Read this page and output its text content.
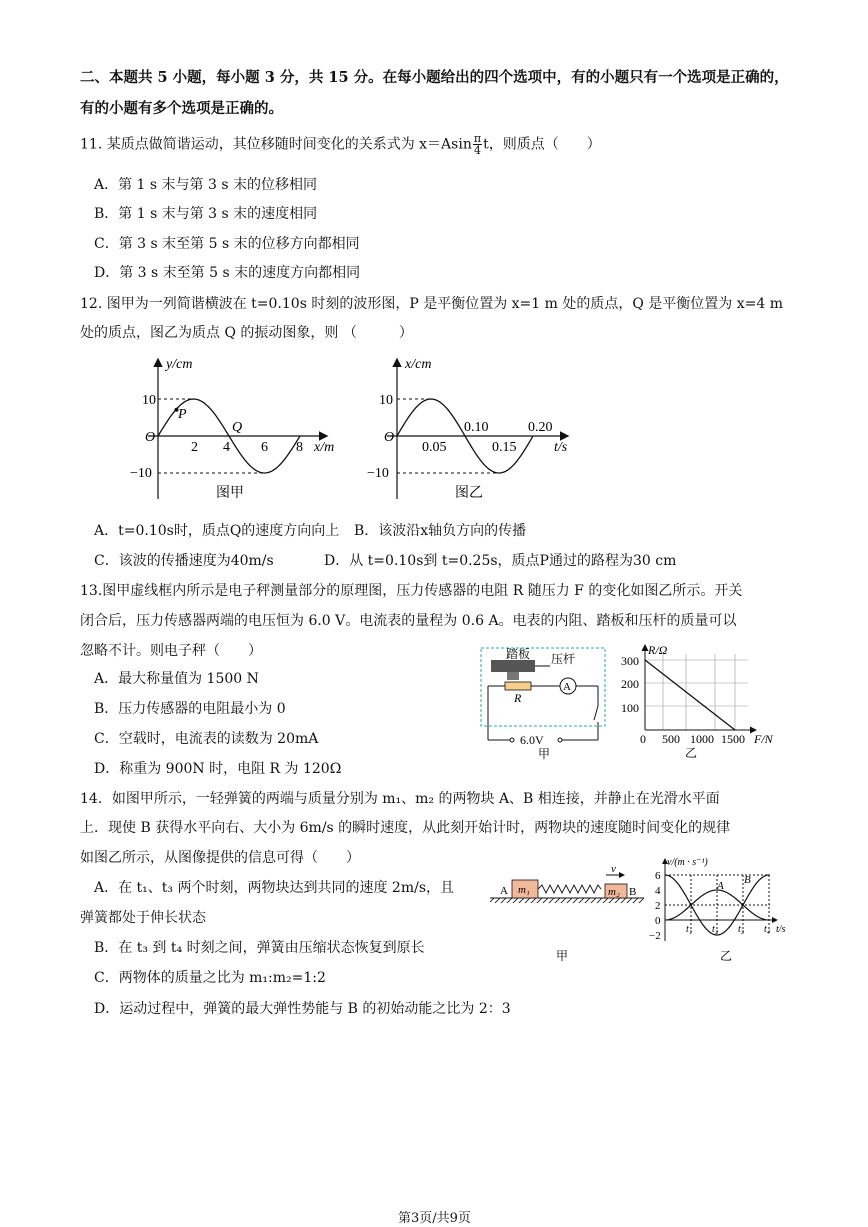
二、本题共 5 小题，每小题 3 分，共 15 分。在每小题给出的四个选项中，有的小题只有一个选项是正确的，
有的小题有多个选项是正确的。
11. 某质点做简谐运动，其位移随时间变化的关系式为 $x=Asin \frac{\pi}{4}$ t，则质点（　　）
A．第 1 s 末与第 3 s 末的位移相同
B．第 1 s 末与第 3 s 末的速度相同
C．第 3 s 末至第 5 s 末的位移方向都相同
D．第 3 s 末至第 5 s 末的速度方向都相同
12. 图甲为一列简谐横波在 t=0.10s 时刻的波形图，P 是平衡位置为 x=1 m 处的质点，Q 是平衡位置为 x=4 m
处的质点，图乙为质点 Q 的振动图象，则 （　　　）
y/cm
10
−10
O
2 4 6 8 x/m
P
Q
图甲
x/cm
10
−10
O
0.05
0.10
0.15
0.20
t/s
图乙
A．t=0.10s时，质点Q的速度方向向上 B．该波沿x轴负方向的传播
C．该波的传播速度为40m/s	D．从 t=0.10s到 t=0.25s，质点P通过的路程为30 cm
13.图甲虚线框内所示是电子秤测量部分的原理图，压力传感器的电阻 R 随压力 F 的变化如图乙所示。开关
闭合后，压力传感器两端的电压恒为 6.0 V。电流表的量程为 0.6 A。电表的内阻、踏板和压杆的质量可以
忽略不计。则电子秤（　　）
A．最大称量值为 1500 N
B．压力传感器的电阻最小为 0
C．空载时，电流表的读数为 20mA
D．称重为 900N 时，电阻 R 为 120Ω
踏板 压杆
R
A
6.0V
甲
R/Ω
300
200
100
0 500 1000 1500 F/N
乙
14．如图甲所示，一轻弹簧的两端与质量分别为 m₁、m₂ 的两物块 A、B 相连接，并静止在光滑水平面
上．现使 B 获得水平向右、大小为 6m/s 的瞬时速度，从此刻开始计时，两物块的速度随时间变化的规律
如图乙所示，从图像提供的信息可得（　　）
A．在 t₁、t₃ 两个时刻，两物块达到共同的速度 2m/s，且
弹簧都处于伸长状态
B．在 t₃ 到 t₄ 时刻之间，弹簧由压缩状态恢复到原长
C．两物体的质量之比为 m₁:m₂=1:2
D．运动过程中，弹簧的最大弹性势能与 B 的初始动能之比为 2：3
A	B
m₁	m₂
v
甲
v/(m · s⁻¹)
6
4
2
0
−2
t₁ t₂ t₃ t₄ t/s
A B
乙
第3页/共9页
